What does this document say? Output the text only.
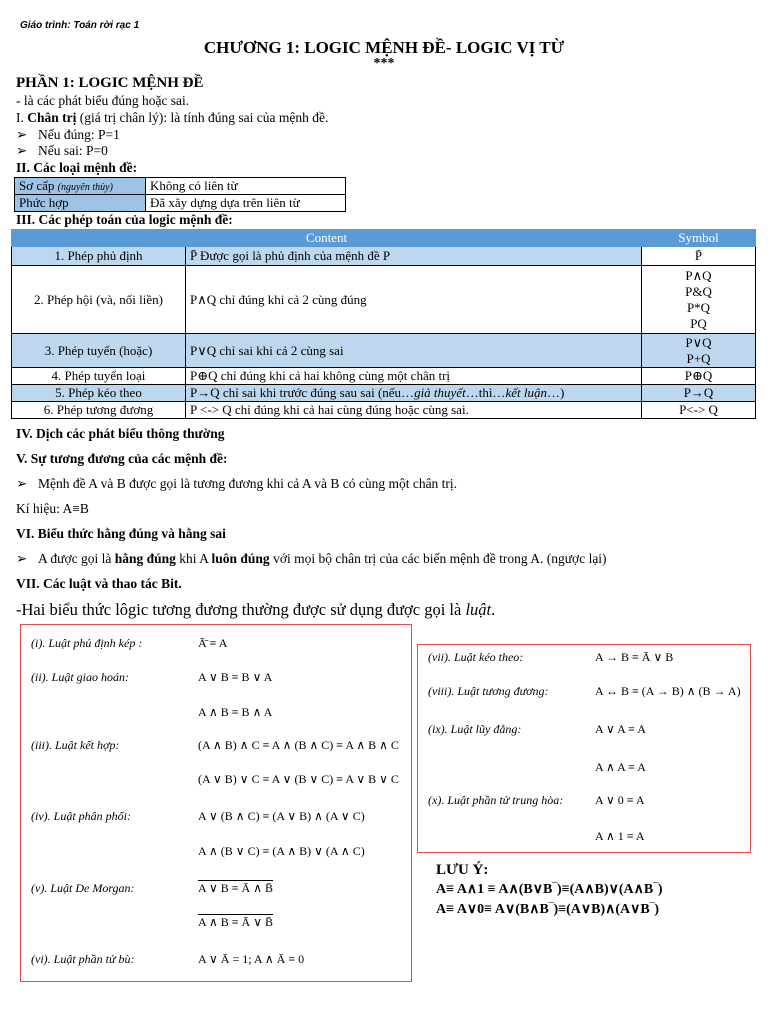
Giáo trình: Toán rời rạc 1
CHƯƠNG 1: LOGIC MỆNH ĐỀ- LOGIC VỊ TỪ
***
PHẦN 1: LOGIC MỆNH ĐỀ
- là các phát biểu đúng hoặc sai.
I. Chân trị (giá trị chân lý): là tính đúng sai của mệnh đề.
➢ Nếu đúng: P=1
➢ Nếu sai: P=0
II. Các loại mệnh đề:
Sơ cấp (nguyên thủy)	Không có liên từ
Phức hợp	Đã xây dựng dựa trên liên từ
III. Các phép toán của logic mệnh đề:
Content		Symbol
1. Phép phủ định	P̄ Được gọi là phủ định của mệnh đề P	P̄
2. Phép hội (và, nối liền)	P∧Q chỉ đúng khi cả 2 cùng đúng	P∧Q
P&Q
P*Q
PQ

3. Phép tuyển (hoặc)	P∨Q chỉ sai khi cả 2 cùng sai	P∨Q
P+Q

4. Phép tuyển loại	P⊕Q chỉ đúng khi cả hai không cùng một chân trị	P⊕Q
5. Phép kéo theo	P→Q chỉ sai khi trước đúng sau sai (nếu…giả thuyết…thì…kết luận…)	P→Q
6. Phép tương đương	P <-> Q chỉ đúng khi cả hai cùng đúng hoặc cùng sai.	P<-> Q
IV. Dịch các phát biểu thông thường
V. Sự tương đương của các mệnh đề:
➢ Mệnh đề A và B được gọi là tương đương khi cả A và B có cùng một chân trị.
Kí hiệu: A≡B
VI. Biểu thức hằng đúng và hằng sai
➢ A được gọi là hằng đúng khi A luôn đúng với mọi bộ chân trị của các biến mệnh đề trong A. (ngược lại)
VII. Các luật và thao tác Bit.
-Hai biểu thức lôgic tương đương thường được sử dụng được gọi là luật.
(i). Luật phủ định kép :	Ā̄ ≡ A
(ii). Luật giao hoán:	A ∨ B ≡ B ∨ A
A ∧ B ≡ B ∧ A
(iii). Luật kết hợp:	(A ∧ B) ∧ C ≡ A ∧ (B ∧ C) ≡ A ∧ B ∧ C
(A ∨ B) ∨ C ≡ A ∨ (B ∨ C) ≡ A ∨ B ∨ C
(iv). Luật phân phối:	A ∨ (B ∧ C) ≡ (A ∨ B) ∧ (A ∨ C)
A ∧ (B ∨ C) ≡ (A ∧ B) ∨ (A ∧ C)
(v). Luật De Morgan:	A ∨ B ≡ Ā ∧ B̄
A ∧ B ≡ Ā ∨ B̄
(vi). Luật phần tử bù:	A ∨ Ā = 1; A ∧ Ā ≡ 0
(vii). Luật kéo theo:	A → B ≡ Ā ∨ B
(viii). Luật tương đương:	A ↔ B ≡ (A → B) ∧ (B → A)
(ix). Luật lũy đẳng:	A ∨ A ≡ A
A ∧ A ≡ A
(x). Luật phần tử trung hòa:	A ∨ 0 ≡ A
A ∧ 1 ≡ A
LƯU Ý:
A≡ A∧1 ≡ A∧(B∨B‾)≡(A∧B)∨(A∧B‾)
A≡ A∨0≡ A∨(B∧B‾)≡(A∨B)∧(A∨B‾)
